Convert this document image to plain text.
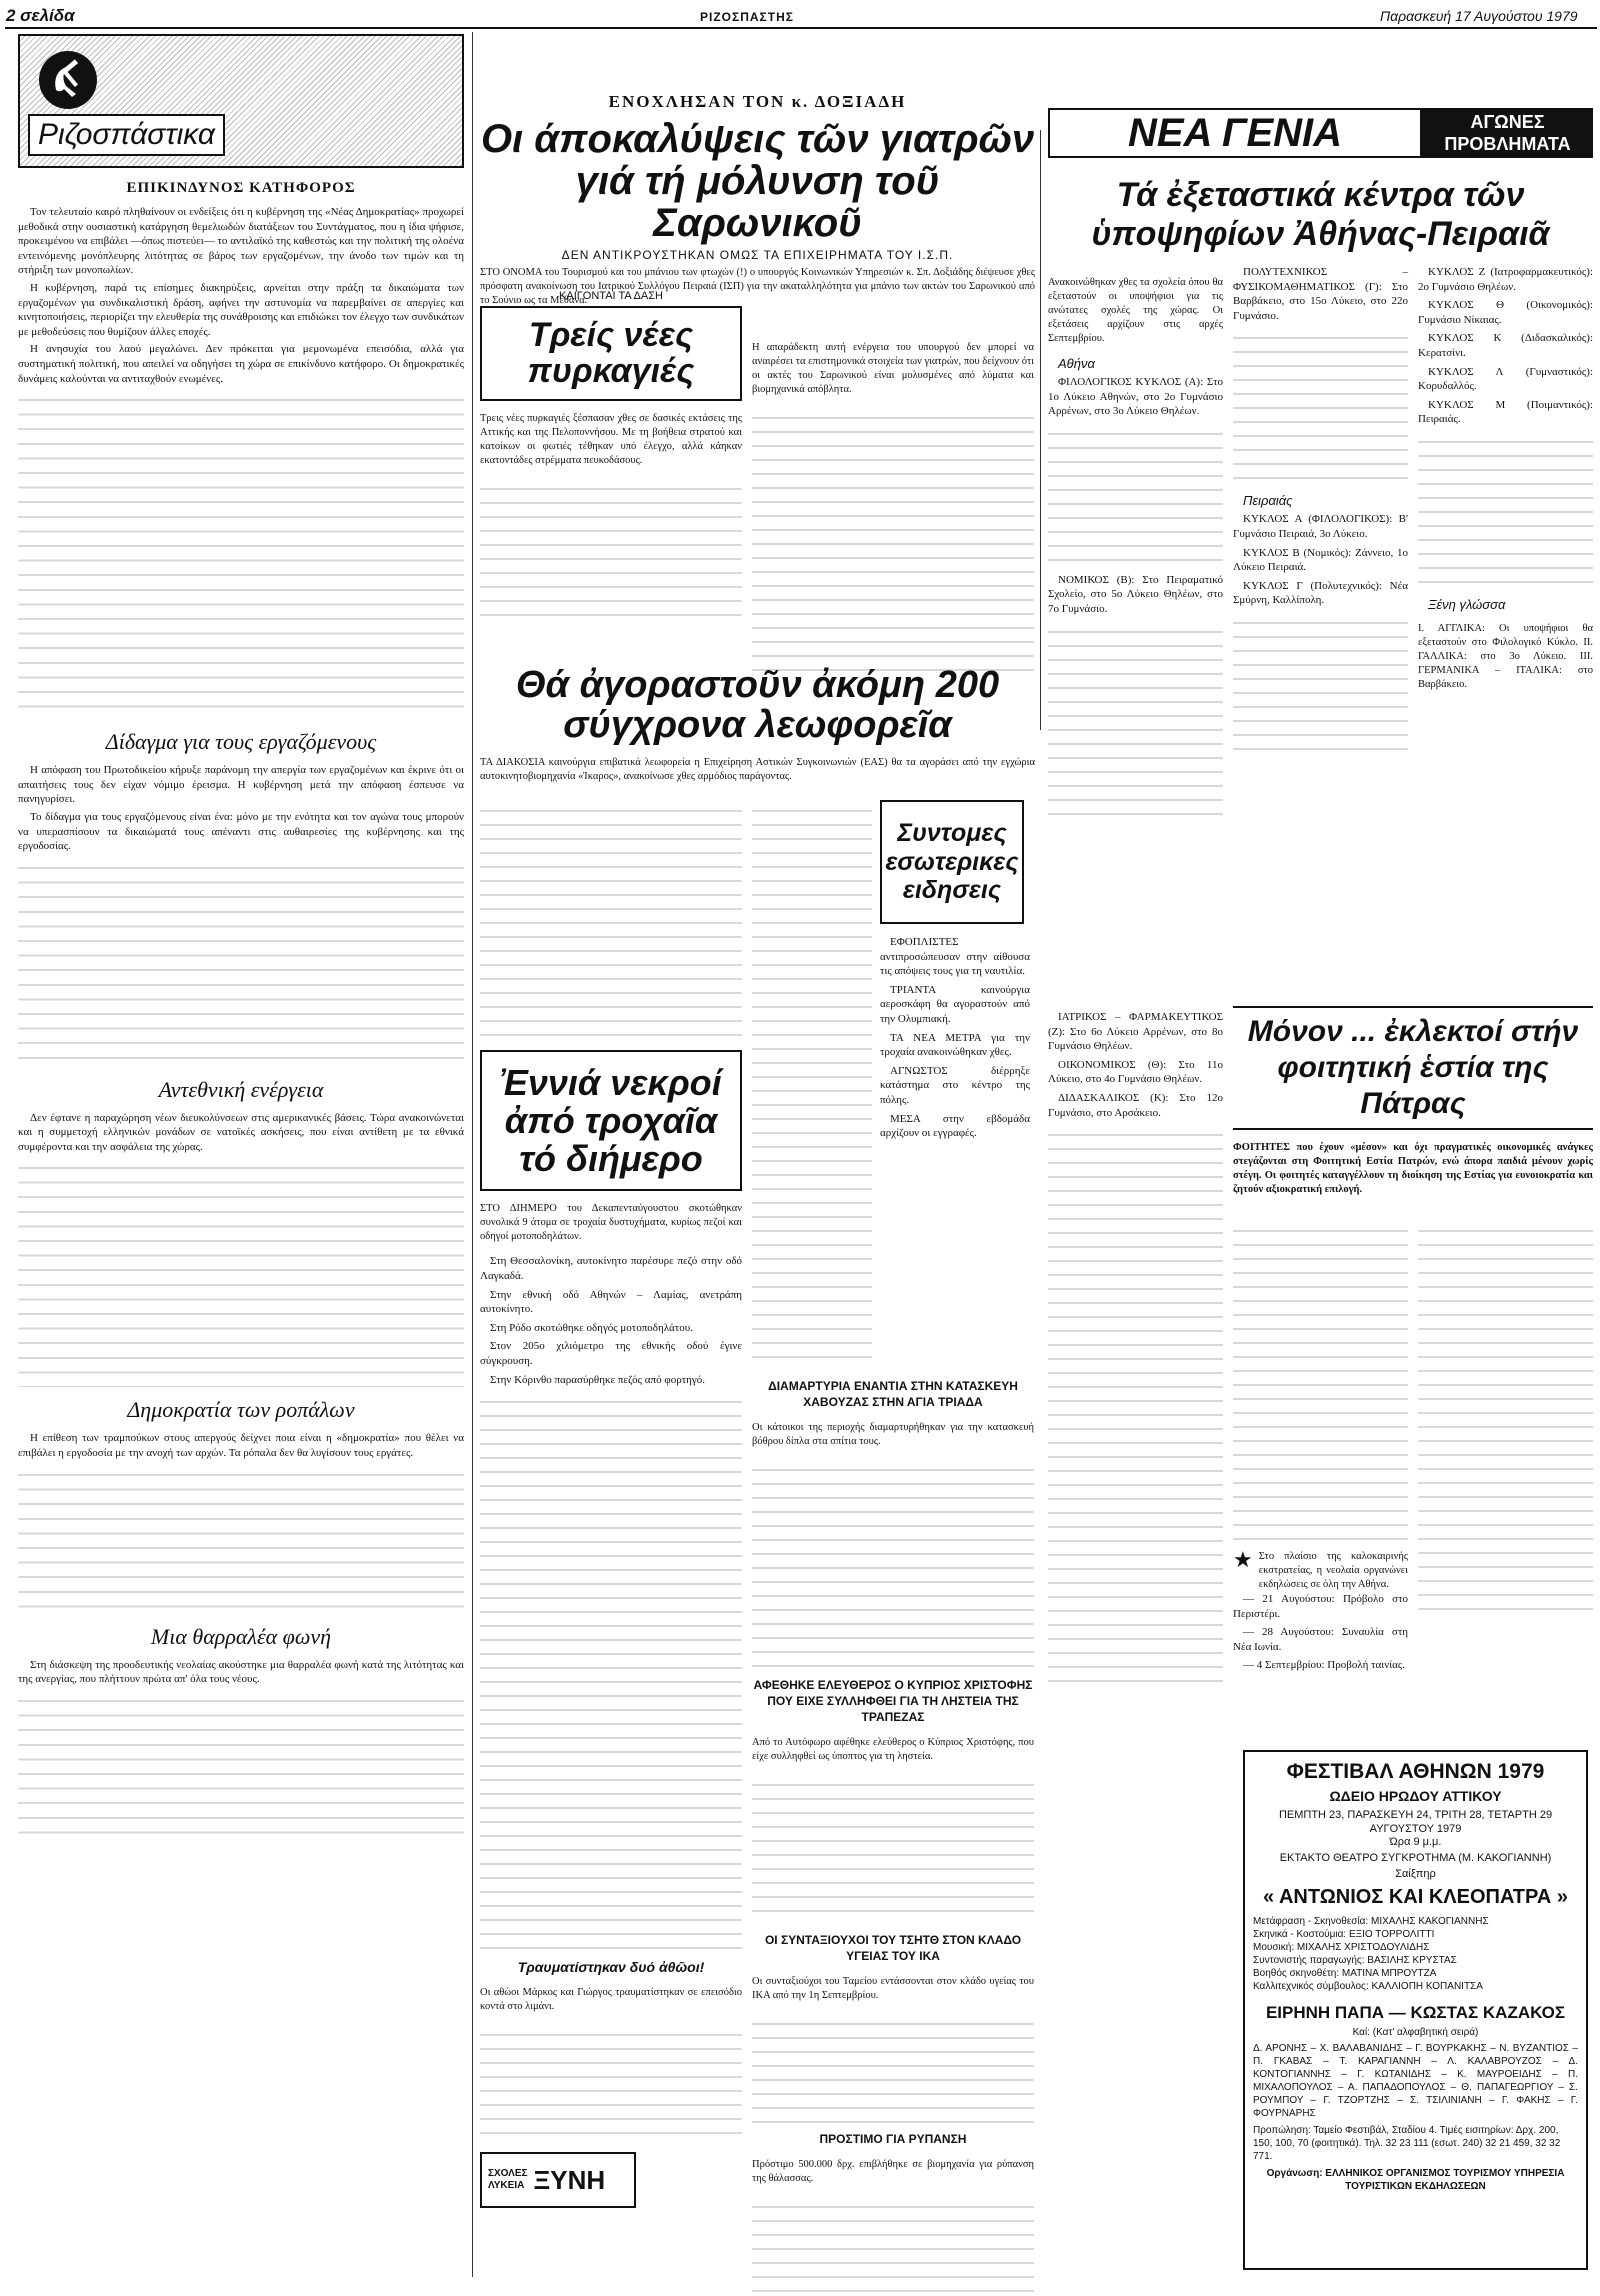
2 σελίδα	ΡΙΖΟΣΠΑΣΤΗΣ	Παρασκευή 17 Αυγούστου 1979
Ριζοσπάστικα
ΕΠΙΚΙΝΔΥΝΟΣ ΚΑΤΗΦΟΡΟΣ

Τον τελευταίο καιρό πληθαίνουν οι ενδείξεις ότι η κυβέρνηση της «Νέας Δημοκρατίας» προχωρεί μεθοδικά στην ουσιαστική κατάργηση θεμελιωδών διατάξεων του Συντάγματος, που η ίδια ψήφισε, προκειμένου να επιβάλει —όπως πιστεύει— το αντιλαϊκό της καθεστώς και την πολιτική της ολοένα εντεινόμενης μονόπλευρης λιτότητας σε βάρος των εργαζομένων, την άνοδο των τιμών και τη στήριξη των μονοπωλίων.

Η κυβέρνηση, παρά τις επίσημες διακηρύξεις, αρνείται στην πράξη τα δικαιώματα των εργαζομένων για συνδικαλιστική δράση, αφήνει την αστυνομία να παρεμβαίνει σε απεργίες και κινητοποιήσεις, περιορίζει την ελευθερία της συνάθροισης και επιδιώκει τον έλεγχο των συνδικάτων με μεθοδεύσεις που θυμίζουν άλλες εποχές.

Η ανησυχία του λαού μεγαλώνει. Δεν πρόκειται για μεμονωμένα επεισόδια, αλλά για συστηματική πολιτική, που απειλεί να οδηγήσει τη χώρα σε επικίνδυνο κατήφορο. Οι δημοκρατικές δυνάμεις καλούνται να αντιταχθούν ενωμένες.

Δίδαγμα για τους εργαζόμενους

Η απόφαση του Πρωτοδικείου κήρυξε παράνομη την απεργία των εργαζομένων και έκρινε ότι οι απαιτήσεις τους δεν είχαν νόμιμο έρεισμα. Η κυβέρνηση μετά την απόφαση έσπευσε να πανηγυρίσει.

Το δίδαγμα για τους εργαζόμενους είναι ένα: μόνο με την ενότητα και τον αγώνα τους μπορούν να υπερασπίσουν τα δικαιώματά τους απέναντι στις αυθαιρεσίες της κυβέρνησης και της εργοδοσίας.

Αντεθνική ενέργεια

Δεν έφτανε η παραχώρηση νέων διευκολύνσεων στις αμερικανικές βάσεις. Τώρα ανακοινώνεται και η συμμετοχή ελληνικών μονάδων σε νατοϊκές ασκήσεις, που είναι αντίθετη με τα εθνικά συμφέροντα και την ασφάλεια της χώρας.

Δημοκρατία των ροπάλων

Η επίθεση των τραμπούκων στους απεργούς δείχνει ποια είναι η «δημοκρατία» που θέλει να επιβάλει η εργοδοσία με την ανοχή των αρχών. Τα ρόπαλα δεν θα λυγίσουν τους εργάτες.

Μια θαρραλέα φωνή

Στη διάσκεψη της προοδευτικής νεολαίας ακούστηκε μια θαρραλέα φωνή κατά της λιτότητας και της ανεργίας, που πλήττουν πρώτα απ' όλα τους νέους.

ΕΝΟΧΛΗΣΑΝ ΤΟΝ κ. ΔΟΞΙΑΔΗ
Οι άποκαλύψεις τῶν γιατρῶν γιά τή μόλυνση τοῦ Σαρωνικοῦ
ΔΕΝ ΑΝΤΙΚΡΟΥΣΤΗΚΑΝ ΟΜΩΣ ΤΑ ΕΠΙΧΕΙΡΗΜΑΤΑ ΤΟΥ Ι.Σ.Π.

ΣΤΟ ΟΝΟΜΑ του Τουρισμού και του μπάνιου των φτωχών (!) ο υπουργός Κοινωνικών Υπηρεσιών κ. Σπ. Δοξιάδης διέψευσε χθες πρόσφατη ανακοίνωση του Ιατρικού Συλλόγου Πειραιά (ΙΣΠ) για την ακαταλληλότητα για μπάνιο των ακτών του Σαρωνικού από το Σούνιο ως τα Μέθανα.

ΚΑΙΓΟΝΤΑΙ ΤΑ ΔΑΣΗ
Τρείς νέες πυρκαγιές

Τρεις νέες πυρκαγιές ξέσπασαν χθες σε δασικές εκτάσεις της Αττικής και της Πελοποννήσου. Με τη βοήθεια στρατού και κατοίκων οι φωτιές τέθηκαν υπό έλεγχο, αλλά κάηκαν εκατοντάδες στρέμματα πευκοδάσους.

Η απαράδεκτη αυτή ενέργεια του υπουργού δεν μπορεί να αναιρέσει τα επιστημονικά στοιχεία των γιατρών, που δείχνουν ότι οι ακτές του Σαρωνικού είναι μολυσμένες από λύματα και βιομηχανικά απόβλητα.

Θά ἀγοραστοῦν ἀκόμη 200 σύγχρονα λεωφορεῖα

ΤΑ ΔΙΑΚΟΣΙΑ καινούργια επιβατικά λεωφορεία η Επιχείρηση Αστικών Συγκοινωνιών (ΕΑΣ) θα τα αγοράσει από την εγχώρια αυτοκινητοβιομηχανία «Ίκαρος», ανακοίνωσε χθες αρμόδιος παράγοντας.

Συντομες εσωτερικες ειδησεις

ΕΦΟΠΛΙΣΤΕΣ αντιπροσώπευσαν στην αίθουσα τις απόψεις τους για τη ναυτιλία.

ΤΡΙΑΝΤΑ καινούργια αεροσκάφη θα αγοραστούν από την Ολυμπιακή.

ΤΑ ΝΕΑ ΜΕΤΡΑ για την τροχαία ανακοινώθηκαν χθες.

ΑΓΝΩΣΤΟΣ διέρρηξε κατάστημα στο κέντρο της πόλης.

ΜΕΣΑ στην εβδομάδα αρχίζουν οι εγγραφές.

Ἐννιά νεκροί ἀπό τροχαῖα τό διήμερο

ΣΤΟ ΔΙΗΜΕΡΟ του Δεκαπενταύγουστου σκοτώθηκαν συνολικά 9 άτομα σε τροχαία δυστυχήματα, κυρίως πεζοί και οδηγοί μοτοποδηλάτων.

Στη Θεσσαλονίκη, αυτοκίνητο παρέσυρε πεζό στην οδό Λαγκαδά.

Στην εθνική οδό Αθηνών – Λαμίας, ανετράπη αυτοκίνητο.

Στη Ρόδο σκοτώθηκε οδηγός μοτοποδηλάτου.

Στον 205ο χιλιόμετρο της εθνικής οδού έγινε σύγκρουση.

Στην Κόρινθο παρασύρθηκε πεζός από φορτηγό.

Τραυματίστηκαν δυό ἀθῶοι!

Οι αθώοι Μάρκος και Γιώργος τραυματίστηκαν σε επεισόδιο κοντά στο λιμάνι.

ΣΧΟΛΕΣ
ΛΥΚΕΙΑ ΞΥΝΗ
ΔΙΑΜΑΡΤΥΡΙΑ ΕΝΑΝΤΙΑ ΣΤΗΝ ΚΑΤΑΣΚΕΥΗ ΧΑΒΟΥΖΑΣ ΣΤΗΝ ΑΓΙΑ ΤΡΙΑΔΑ

Οι κάτοικοι της περιοχής διαμαρτυρήθηκαν για την κατασκευή βόθρου δίπλα στα σπίτια τους.

ΑΦΕΘΗΚΕ ΕΛΕΥΘΕΡΟΣ Ο ΚΥΠΡΙΟΣ ΧΡΙΣΤΟΦΗΣ ΠΟΥ ΕΙΧΕ ΣΥΛΛΗΦΘΕΙ ΓΙΑ ΤΗ ΛΗΣΤΕΙΑ ΤΗΣ ΤΡΑΠΕΖΑΣ

Από το Αυτόφωρο αφέθηκε ελεύθερος ο Κύπριος Χριστόφης, που είχε συλληφθεί ως ύποπτος για τη ληστεία.

ΟΙ ΣΥΝΤΑΞΙΟΥΧΟΙ ΤΟΥ ΤΣΗΤΘ ΣΤΟΝ ΚΛΑΔΟ ΥΓΕΙΑΣ ΤΟΥ ΙΚΑ

Οι συνταξιούχοι του Ταμείου εντάσσονται στον κλάδο υγείας του ΙΚΑ από την 1η Σεπτεμβρίου.

ΠΡΟΣΤΙΜΟ ΓΙΑ ΡΥΠΑΝΣΗ

Πρόστιμο 500.000 δρχ. επιβλήθηκε σε βιομηχανία για ρύπανση της θάλασσας.

ΝΕΑ ΓΕΝΙΑ	ΑΓΩΝΕΣ
ΠΡΟΒΛΗΜΑΤΑ
Τά ἐξεταστικά κέντρα τῶν ὑποψηφίων Ἀθήνας-Πειραιᾶ

Ανακοινώθηκαν χθες τα σχολεία όπου θα εξεταστούν οι υποψήφιοι για τις ανώτατες σχολές της χώρας. Οι εξετάσεις αρχίζουν στις αρχές Σεπτεμβρίου.

Αθήνα

ΦΙΛΟΛΟΓΙΚΟΣ ΚΥΚΛΟΣ (Α): Στο 1ο Λύκειο Αθηνών, στο 2ο Γυμνάσιο Αρρένων, στο 3ο Λύκειο Θηλέων.

ΝΟΜΙΚΟΣ (Β): Στο Πειραματικό Σχολείο, στο 5ο Λύκειο Θηλέων, στο 7ο Γυμνάσιο.

ΠΟΛΥΤΕΧΝΙΚΟΣ – ΦΥΣΙΚΟΜΑΘΗΜΑΤΙΚΟΣ (Γ): Στο Βαρβάκειο, στο 15ο Λύκειο, στο 22ο Γυμνάσιο.

Πειραιάς

ΚΥΚΛΟΣ Α (ΦΙΛΟΛΟΓΙΚΟΣ): Β' Γυμνάσιο Πειραιά, 3ο Λύκειο.

ΚΥΚΛΟΣ Β (Νομικός): Ζάννειο, 1ο Λύκειο Πειραιά.

ΚΥΚΛΟΣ Γ (Πολυτεχνικός): Νέα Σμύρνη, Καλλίπολη.

ΚΥΚΛΟΣ Ζ (Ιατροφαρμακευτικός): 2ο Γυμνάσιο Θηλέων.

ΚΥΚΛΟΣ Θ (Οικονομικός): Γυμνάσιο Νίκαιας.

ΚΥΚΛΟΣ Κ (Διδασκαλικός): Κερατσίνι.

ΚΥΚΛΟΣ Λ (Γυμναστικός): Κορυδαλλός.

ΚΥΚΛΟΣ Μ (Ποιμαντικός): Πειραιάς.

Ξένη γλώσσα

Ι. ΑΓΓΛΙΚΑ: Οι υποψήφιοι θα εξεταστούν στο Φιλολογικό Κύκλο. ΙΙ. ΓΑΛΛΙΚΑ: στο 3ο Λύκειο. ΙΙΙ. ΓΕΡΜΑΝΙΚΑ – ΙΤΑΛΙΚΑ: στο Βαρβάκειο.

ΙΑΤΡΙΚΟΣ – ΦΑΡΜΑΚΕΥΤΙΚΟΣ (Ζ): Στο 6ο Λύκειο Αρρένων, στο 8ο Γυμνάσιο Θηλέων.

ΟΙΚΟΝΟΜΙΚΟΣ (Θ): Στο 11ο Λύκειο, στο 4ο Γυμνάσιο Θηλέων.

ΔΙΔΑΣΚΑΛΙΚΟΣ (Κ): Στο 12ο Γυμνάσιο, στο Αρσάκειο.

Μόνον ... ἐκλεκτοί στήν φοιτητική ἑστία της Πάτρας

ΦΟΙΤΗΤΕΣ που έχουν «μέσον» και όχι πραγματικές οικονομικές ανάγκες στεγάζονται στη Φοιτητική Εστία Πατρών, ενώ άπορα παιδιά μένουν χωρίς στέγη. Οι φοιτητές καταγγέλλουν τη διοίκηση της Εστίας για ευνοιοκρατία και ζητούν αξιοκρατική επιλογή.

★ Στο πλαίσιο της καλοκαιρινής εκστρατείας, η νεολαία οργανώνει εκδηλώσεις σε όλη την Αθήνα.

— 21 Αυγούστου: Πρόβολο στο Περιστέρι.

— 28 Αυγούστου: Συναυλία στη Νέα Ιωνία.

— 4 Σεπτεμβρίου: Προβολή ταινίας.

ΦΕΣΤΙΒΑΛ ΑΘΗΝΩΝ 1979
ΩΔΕΙΟ ΗΡΩΔΟΥ ΑΤΤΙΚΟΥ
ΠΕΜΠΤΗ 23, ΠΑΡΑΣΚΕΥΗ 24, ΤΡΙΤΗ 28, ΤΕΤΑΡΤΗ 29 ΑΥΓΟΥΣΤΟΥ 1979
Ώρα 9 μ.μ.
ΕΚΤΑΚΤΟ ΘΕΑΤΡΟ ΣΥΓΚΡΟΤΗΜΑ (Μ. ΚΑΚΟΓΙΑΝΝΗ)
Σαίξπηρ
« ΑΝΤΩΝΙΟΣ ΚΑΙ ΚΛΕΟΠΑΤΡΑ »
Μετάφραση - Σκηνοθεσία: ΜΙΧΑΛΗΣ ΚΑΚΟΓΙΑΝΝΗΣ
Σκηνικά - Κοστούμια: ΕΞΙΟ ΤΟΡΡΟΛΙΤΤΙ
Μουσική: ΜΙΧΑΛΗΣ ΧΡΙΣΤΟΔΟΥΛΙΔΗΣ
Συντονιστής παραγωγής: ΒΑΣΙΛΗΣ ΚΡΥΣΤΑΣ
Βοηθός σκηνοθέτη: ΜΑΤΙΝΑ ΜΠΡΟΥΤΖΑ
Καλλιτεχνικός σύμβουλος: ΚΑΛΛΙΟΠΗ ΚΟΠΑΝΙΤΣΑ
ΕΙΡΗΝΗ ΠΑΠΑ — ΚΩΣΤΑΣ ΚΑΖΑΚΟΣ
Καί: (Κατ' αλφαβητική σειρά)
Δ. ΑΡΟΝΗΣ – Χ. ΒΑΛΑΒΑΝΙΔΗΣ – Γ. ΒΟΥΡΚΑΚΗΣ – Ν. ΒΥΖΑΝΤΙΟΣ – Π. ΓΚΑΒΑΣ – Τ. ΚΑΡΑΓΙΑΝΝΗ – Λ. ΚΑΛΑΒΡΟΥΖΟΣ – Δ. ΚΟΝΤΟΓΙΑΝΝΗΣ – Γ. ΚΩΤΑΝΙΔΗΣ – Κ. ΜΑΥΡΟΕΙΔΗΣ – Π. ΜΙΧΑΛΟΠΟΥΛΟΣ – Α. ΠΑΠΑΔΟΠΟΥΛΟΣ – Θ. ΠΑΠΑΓΕΩΡΓΙΟΥ – Σ. ΡΟΥΜΠΟΥ – Γ. ΤΖΟΡΤΖΗΣ – Σ. ΤΣΙΛΙΝΙΑΝΗ – Γ. ΦΑΚΗΣ – Γ. ΦΟΥΡΝΑΡΗΣ
Προπώληση: Ταμείο Φεστιβάλ, Σταδίου 4. Τιμές εισιτηρίων: Δρχ. 200, 150, 100, 70 (φοιτητικά). Τηλ. 32 23 111 (εσωτ. 240) 32 21 459, 32 32 771.
Οργάνωση: ΕΛΛΗΝΙΚΟΣ ΟΡΓΑΝΙΣΜΟΣ ΤΟΥΡΙΣΜΟΥ ΥΠΗΡΕΣΙΑ ΤΟΥΡΙΣΤΙΚΩΝ ΕΚΔΗΛΩΣΕΩΝ
